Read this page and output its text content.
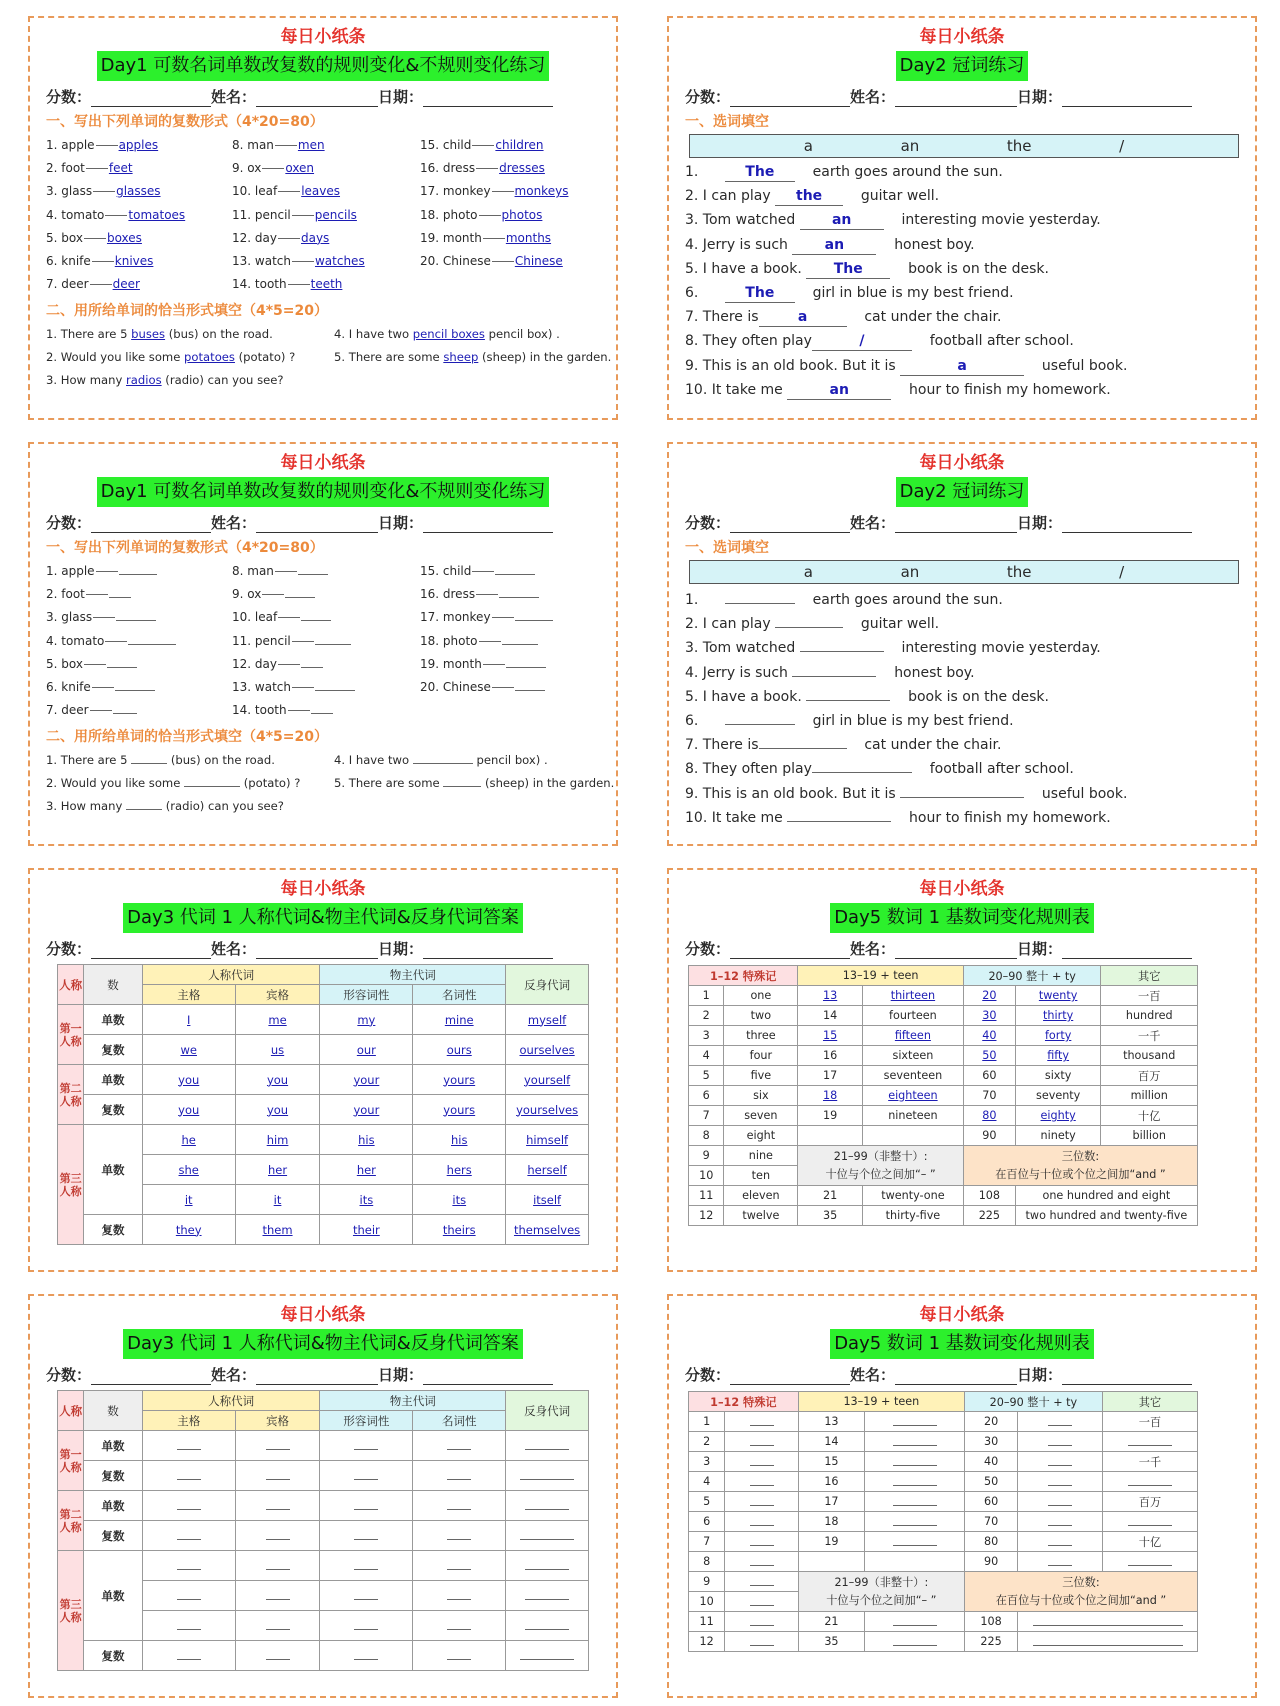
每日小纸条
Day1 可数名词单数改复数的规则变化&不规则变化练习
分数：	姓名：	日期：
一、写出下列单词的复数形式（4*20=80）
1. apple apples	8. man men	15. child children
2. foot feet	9. ox oxen	16. dress dresses
3. glass glasses	10. leaf leaves	17. monkey monkeys
4. tomato tomatoes	11. pencil pencils	18. photo photos
5. box boxes	12. day days	19. month months
6. knife knives	13. watch watches	20. Chinese Chinese
7. deer deer	14. tooth teeth
二、用所给单词的恰当形式填空（4*5=20）
1. There are 5 buses (bus) on the road.	4. I have two pencil boxes pencil box) .
2. Would you like some potatoes (potato) ?	5. There are some sheep (sheep) in the garden.
3. How many radios (radio) can you see?
每日小纸条
Day1 可数名词单数改复数的规则变化&不规则变化练习
分数：	姓名：	日期：
一、写出下列单词的复数形式（4*20=80）
1. apple	8. man	15. child
2. foot	9. ox	16. dress
3. glass	10. leaf	17. monkey
4. tomato	11. pencil	18. photo
5. box	12. day	19. month
6. knife	13. watch	20. Chinese
7. deer	14. tooth
二、用所给单词的恰当形式填空（4*5=20）
1. There are 5	(bus) on the road.	4. I have two	pencil box) .
2. Would you like some	(potato) ?	5. There are some	(sheep) in the garden.
3. How many	(radio) can you see?
每日小纸条
Day2 冠词练习
分数：	姓名：	日期：
一、选词填空
a	an	the	/
1.	The	earth goes around the sun.
2. I can play the	guitar well.
3. Tom watched an	interesting movie yesterday.
4. Jerry is such an	honest boy.
5. I have a book. The	book is on the desk.
6.	The	girl in blue is my best friend.
7. There is	a	cat under the chair.
8. They often play	/	football after school.
9. This is an old book. But it is	a	useful book.
10. It take me	an	hour to finish my homework.
每日小纸条
Day2 冠词练习
分数：	姓名：	日期：
一、选词填空
a	an	the	/
1.	earth goes around the sun.
2. I can play	guitar well.
3. Tom watched	interesting movie yesterday.
4. Jerry is such	honest boy.
5. I have a book.	book is on the desk.
6.	girl in blue is my best friend.
7. There is	cat under the chair.
8. They often play	football after school.
9. This is an old book. But it is	useful book.
10. It take me	hour to finish my homework.
每日小纸条
Day3 代词 1 人称代词&物主代词&反身代词答案
分数：	姓名：	日期：
人称	数	人称代词		物主代词		反身代词
		主格	宾格	形容词性	名词性	
第一人称	单数	I	me	my	mine	myself
	复数	we	us	our	ours	ourselves
第二人称	单数	you	you	your	yours	yourself
	复数	you	you	your	yours	yourselves
第三人称	单数	he	him	his	his	himself
		she	her	her	hers	herself
		it	it	its	its	itself
	复数	they	them	their	theirs	themselves
每日小纸条
Day3 代词 1 人称代词&物主代词&反身代词答案
分数：	姓名：	日期：
人称	数	人称代词		物主代词		反身代词
		主格	宾格	形容词性	名词性	
第一人称	单数					
	复数					
第二人称	单数					
	复数					
第三人称	单数					

	复数					
每日小纸条
Day5 数词 1 基数词变化规则表
分数：	姓名：	日期：
1–12 特殊记		13–19 + teen		20–90 整十 + ty		其它
1	one	13	thirteen	20	twenty	一百
2	two	14	fourteen	30	thirty	hundred
3	three	15	fifteen	40	forty	一千
4	four	16	sixteen	50	fifty	thousand
5	five	17	seventeen	60	sixty	百万
6	six	18	eighteen	70	seventy	million
7	seven	19	nineteen	80	eighty	十亿
8	eight			90	ninety	billion
9	nine	21–99（非整十）:
十位与个位之间加“– ”		三位数:
在百位与十位或个位之间加“and ”		
10	ten					
11	eleven	21	twenty-one	108	one hundred and eight	
12	twelve	35	thirty-five	225	two hundred and twenty-five	
每日小纸条
Day5 数词 1 基数词变化规则表
分数：	姓名：	日期：
1–12 特殊记		13–19 + teen		20–90 整十 + ty		其它
1		13		20		一百
2		14		30		
3		15		40		一千
4		16		50		
5		17		60		百万
6		18		70		
7		19		80		十亿
8				90		
9		21–99（非整十）:
十位与个位之间加“– ”		三位数:
在百位与十位或个位之间加“and ”		
10						
11		21		108		
12		35		225		
